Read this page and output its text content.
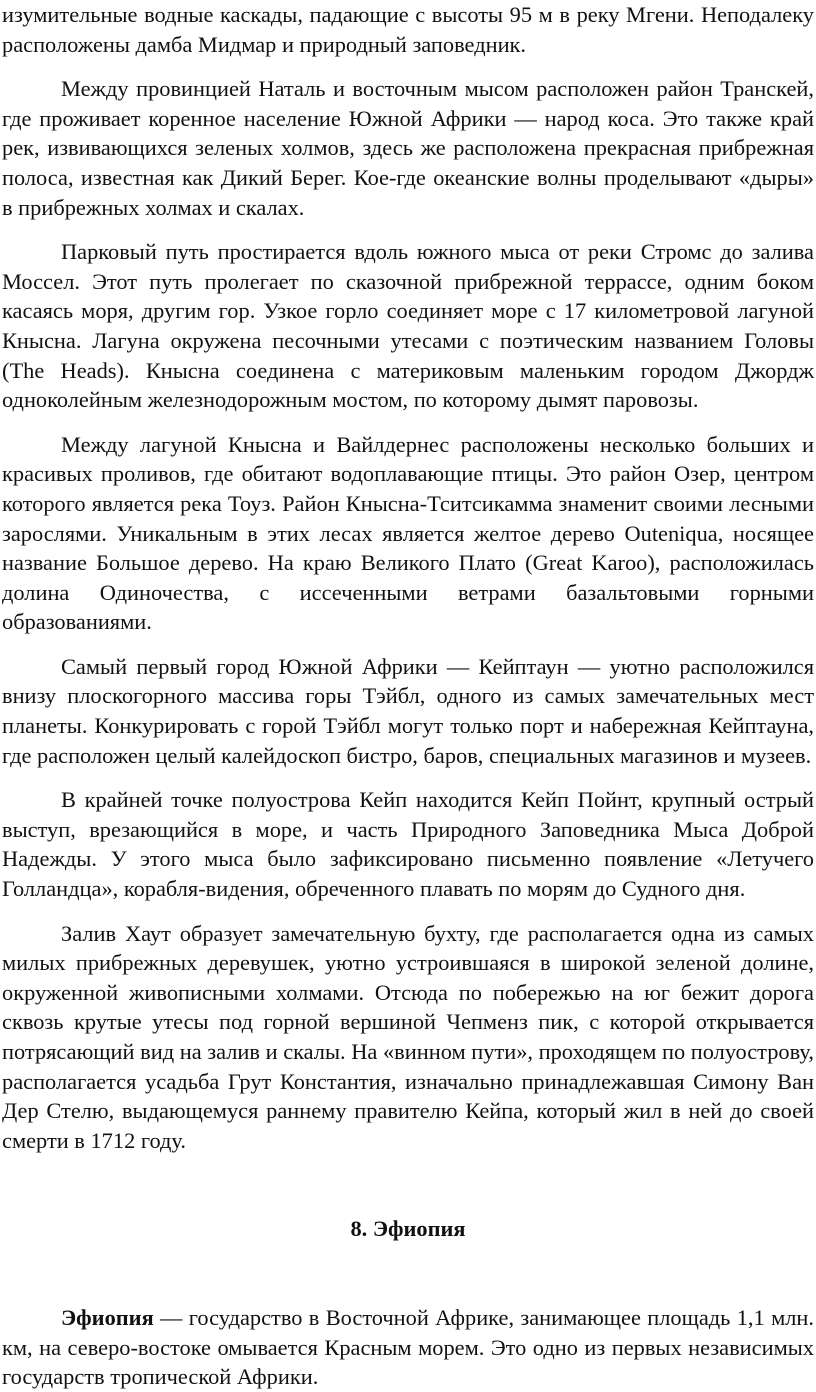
изумительные водные каскады, падающие с высоты 95 м в реку Мгени. Неподалеку расположены дамба Мидмар и природный заповедник.

Между провинцией Наталь и восточным мысом расположен район Транскей, где проживает коренное население Южной Африки — народ коса. Это также край рек, извивающихся зеленых холмов, здесь же расположена прекрасная прибрежная полоса, известная как Дикий Берег. Кое-где океанские волны проделывают «дыры» в прибрежных холмах и скалах.

Парковый путь простирается вдоль южного мыса от реки Стромс до залива Моссел. Этот путь пролегает по сказочной прибрежной террассе, одним боком касаясь моря, другим гор. Узкое горло соединяет море с 17 километровой лагуной Кныснa. Лагуна окружена песочными утесами с поэтическим названием Головы (The Heads). Кныснa соединена с материковым маленьким городом Джордж одноколейным железнодорожным мостом, по которому дымят паровозы.

Между лагуной Кныснa и Вайлдернес расположены несколько больших и красивых проливов, где обитают водоплавающие птицы. Это район Озер, центром которого является река Тоуз. Район Кныснa-Тситсикамма знаменит своими лесными зарослями. Уникальным в этих лесах является желтое дерево Outeniqua, носящее название Большое дерево. На краю Великого Плато (Great Karoo), расположилась долина Одиночества, с иссеченными ветрами базальтовыми горными образованиями.

Самый первый город Южной Африки — Кейптаун — уютно расположился внизу плоскогорного массива горы Тэйбл, одного из самых замечательных мест планеты. Конкурировать с горой Тэйбл могут только порт и набережная Кейптауна, где расположен целый калейдоскоп бистро, баров, специальных магазинов и музеев.

В крайней точке полуострова Кейп находится Кейп Пойнт, крупный острый выступ, врезающийся в море, и часть Природного Заповедника Мыса Доброй Надежды. У этого мыса было зафиксировано письменно появление «Летучего Голландца», корабля-видения, обреченного плавать по морям до Судного дня.

Залив Хаут образует замечательную бухту, где располагается одна из самых милых прибрежных деревушек, уютно устроившаяся в широкой зеленой долине, окруженной живописными холмами. Отсюда по побережью на юг бежит дорога сквозь крутые утесы под горной вершиной Чепменз пик, с которой открывается потрясающий вид на залив и скалы. На «винном пути», проходящем по полуострову, располагается усадьба Грут Константия, изначально принадлежавшая Симону Ван Дер Стелю, выдающемуся раннему правителю Кейпа, который жил в ней до своей смерти в 1712 году.

8. Эфиопия

Эфиопия — государство в Восточной Африке, занимающее площадь 1,1 млн. км, на северо-востоке омывается Красным морем. Это одно из первых независимых государств тропической Африки.
